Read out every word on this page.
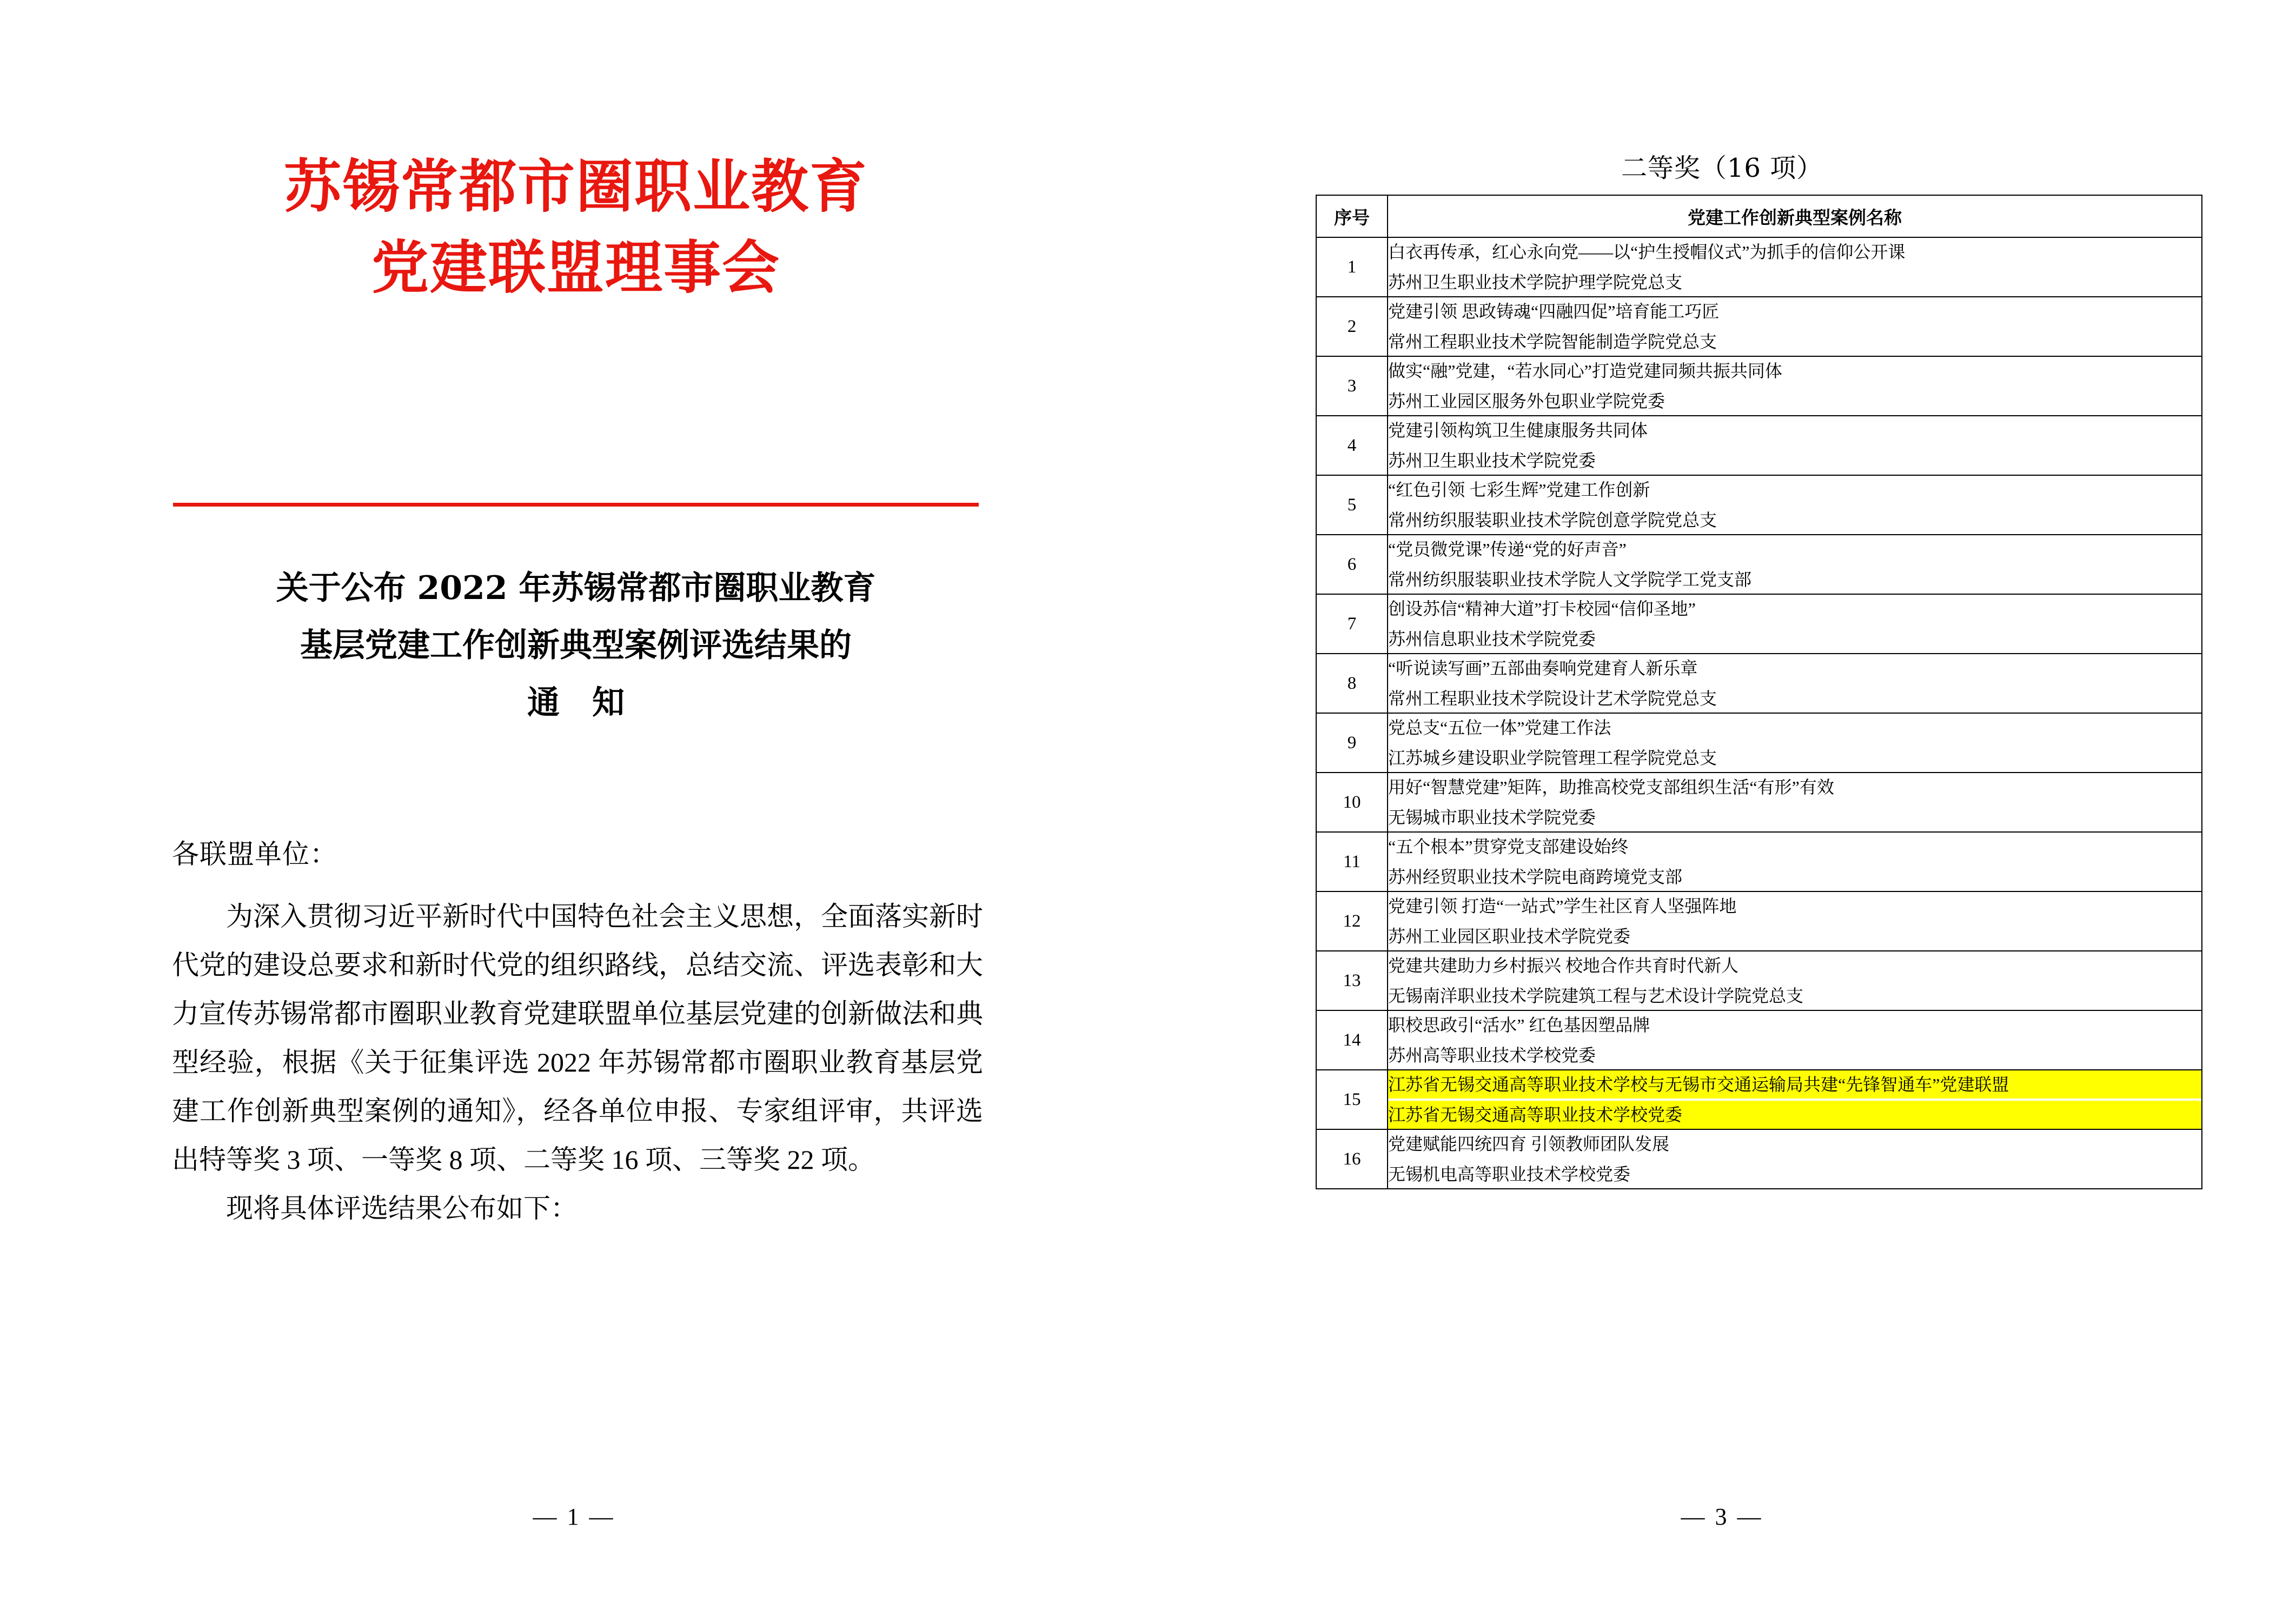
苏锡常都市圈职业教育
党建联盟理事会
关于公布 2022 年苏锡常都市圈职业教育
基层党建工作创新典型案例评选结果的
通　知
各联盟单位：

为深入贯彻习近平新时代中国特色社会主义思想，全面落实新时代党的建设总要求和新时代党的组织路线，总结交流、评选表彰和大力宣传苏锡常都市圈职业教育党建联盟单位基层党建的创新做法和典型经验，根据《关于征集评选 2022 年苏锡常都市圈职业教育基层党建工作创新典型案例的通知》，经各单位申报、专家组评审，共评选出特等奖 3 项、一等奖 8 项、二等奖 16 项、三等奖 22 项。

现将具体评选结果公布如下：

— 1 —
二等奖（16 项）
序号	党建工作创新典型案例名称
1	白衣再传承，红心永向党——以“护生授帽仪式”为抓手的信仰公开课
苏州卫生职业技术学院护理学院党总支

2	党建引领 思政铸魂“四融四促”培育能工巧匠
常州工程职业技术学院智能制造学院党总支

3	做实“融”党建，“若水同心”打造党建同频共振共同体
苏州工业园区服务外包职业学院党委

4	党建引领构筑卫生健康服务共同体
苏州卫生职业技术学院党委

5	“红色引领 七彩生辉”党建工作创新
常州纺织服装职业技术学院创意学院党总支

6	“党员微党课”传递“党的好声音”
常州纺织服装职业技术学院人文学院学工党支部

7	创设苏信“精神大道”打卡校园“信仰圣地”
苏州信息职业技术学院党委

8	“听说读写画”五部曲奏响党建育人新乐章
常州工程职业技术学院设计艺术学院党总支

9	党总支“五位一体”党建工作法
江苏城乡建设职业学院管理工程学院党总支

10	用好“智慧党建”矩阵，助推高校党支部组织生活“有形”有效
无锡城市职业技术学院党委

11	“五个根本”贯穿党支部建设始终
苏州经贸职业技术学院电商跨境党支部

12	党建引领 打造“一站式”学生社区育人坚强阵地
苏州工业园区职业技术学院党委

13	党建共建助力乡村振兴 校地合作共育时代新人
无锡南洋职业技术学院建筑工程与艺术设计学院党总支

14	职校思政引“活水” 红色基因塑品牌
苏州高等职业技术学校党委

15	江苏省无锡交通高等职业技术学校与无锡市交通运输局共建“先锋智通车”党建联盟
江苏省无锡交通高等职业技术学校党委

16	党建赋能四统四育 引领教师团队发展
无锡机电高等职业技术学校党委
— 3 —
